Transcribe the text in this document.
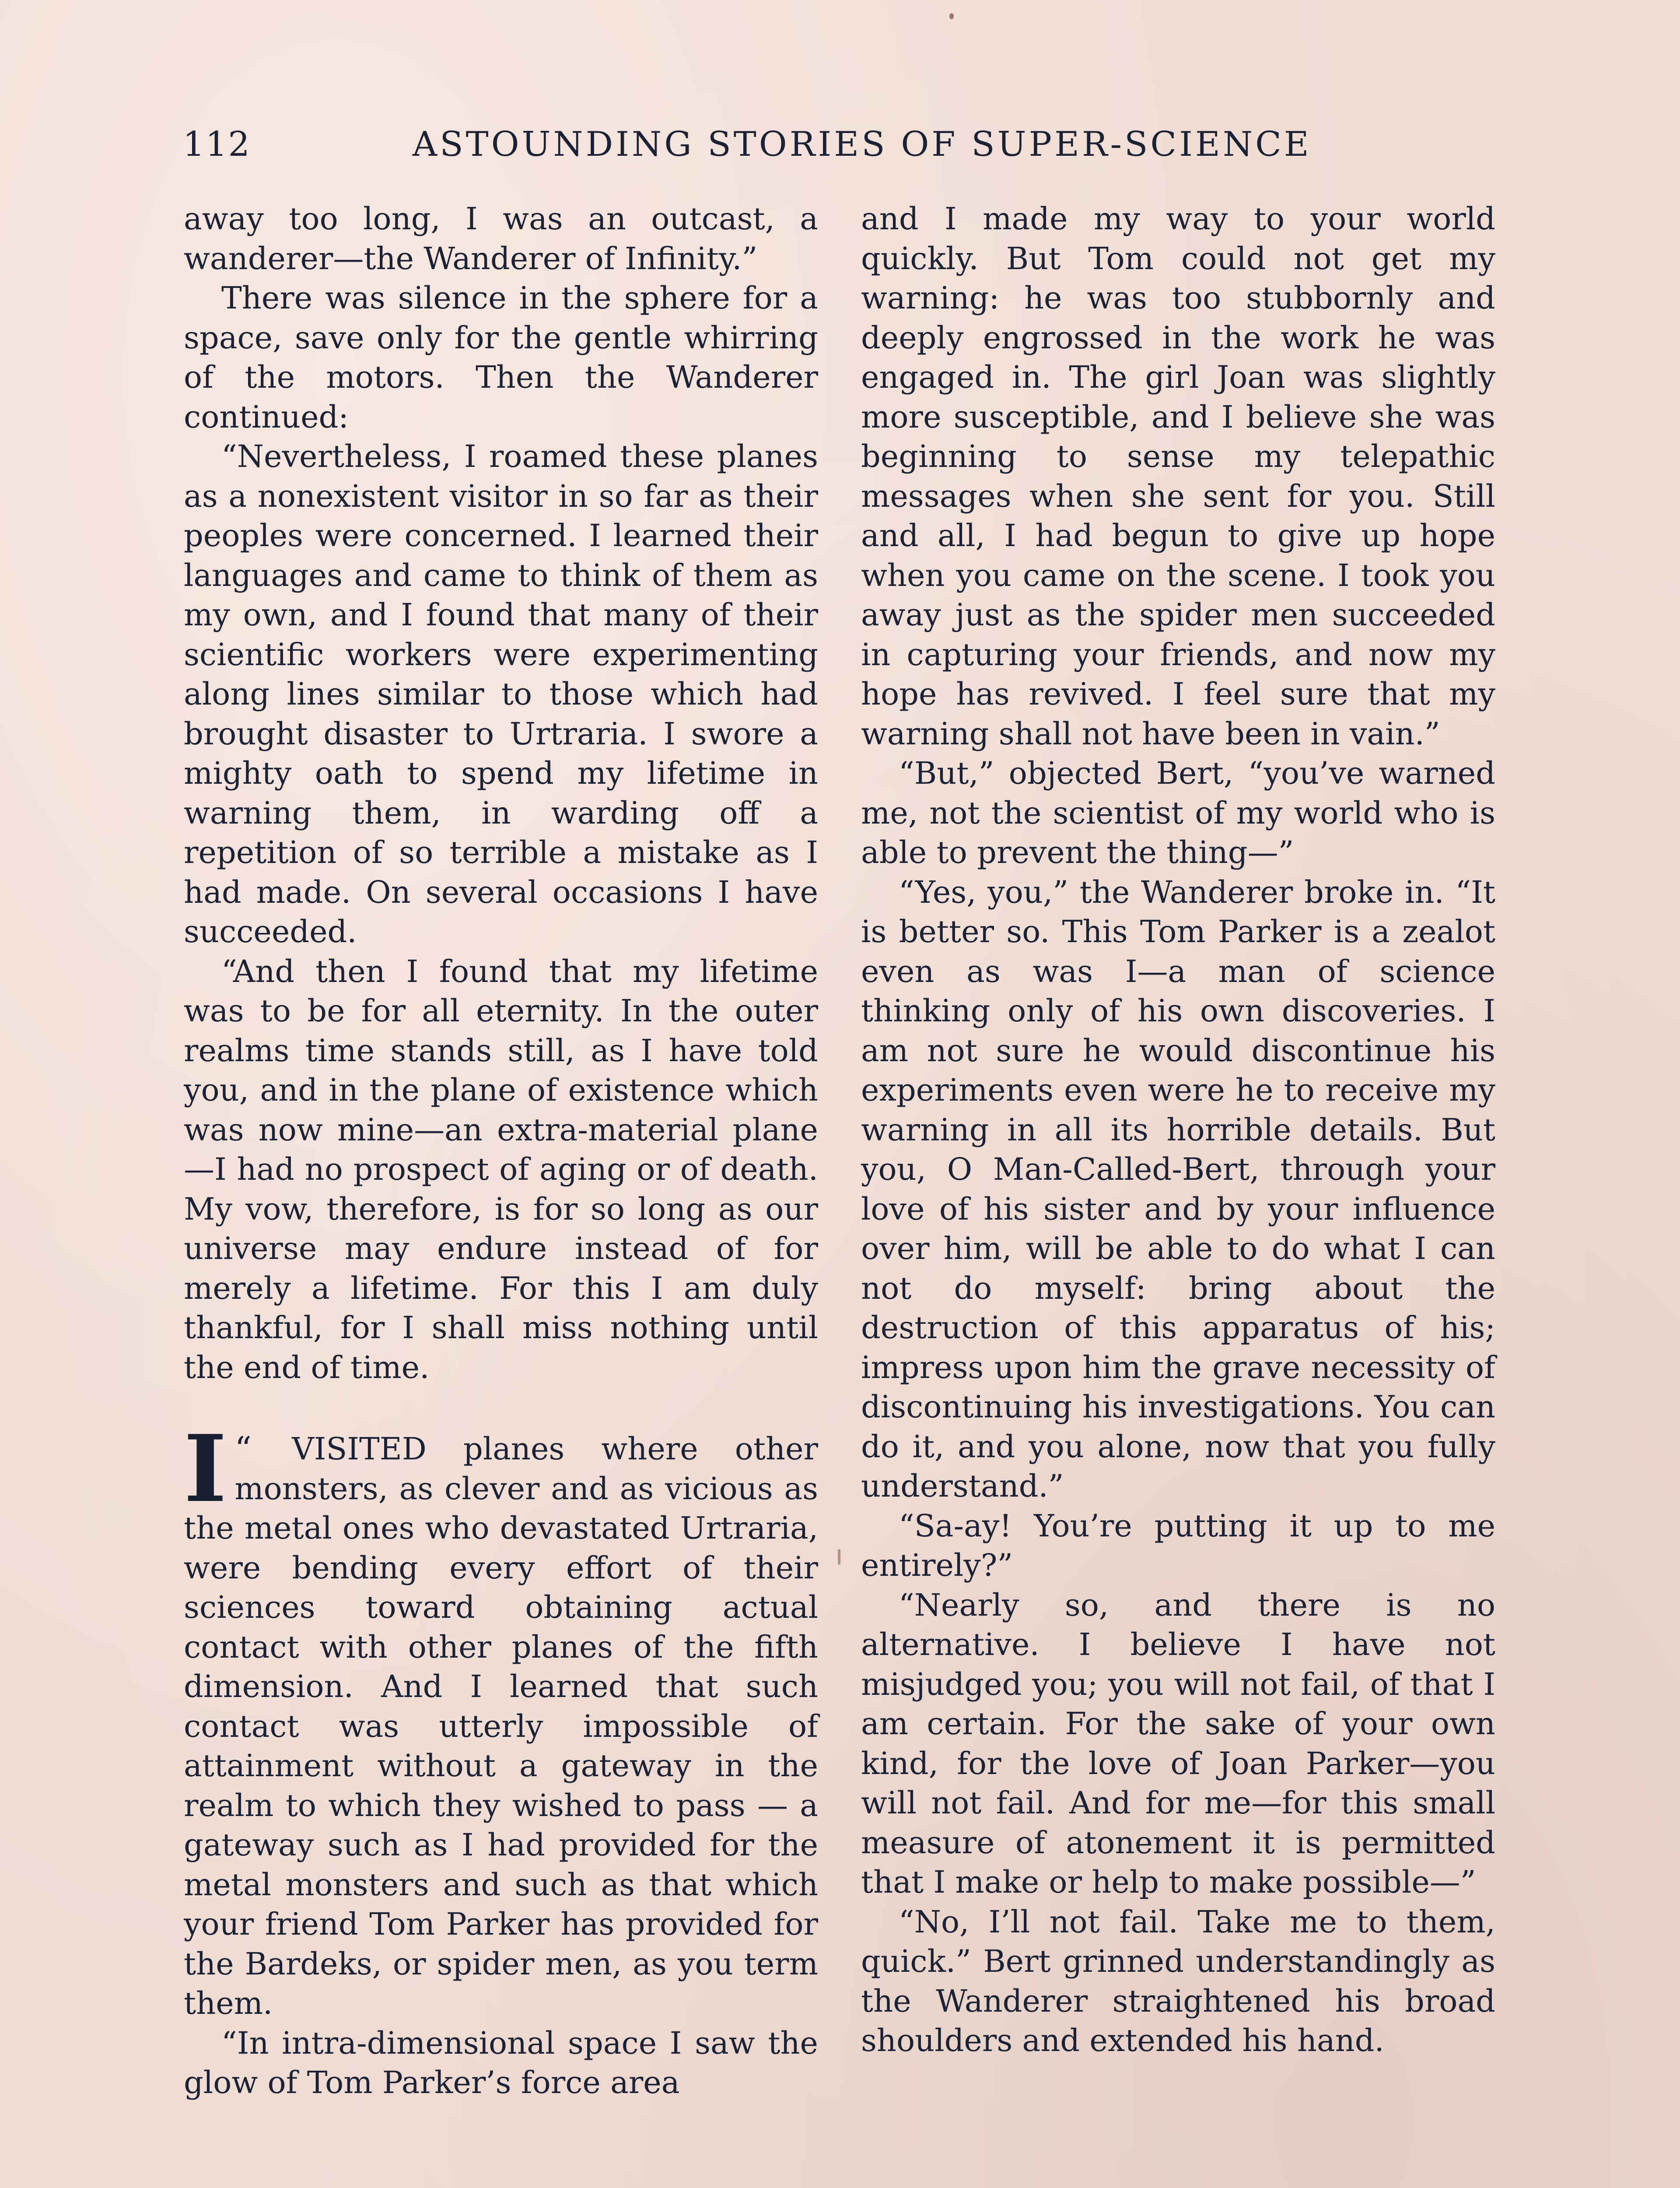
112	ASTOUNDING STORIES OF SUPER-SCIENCE

away too long, I was an outcast, a wanderer—the Wanderer of Infinity.”

There was silence in the sphere for a space, save only for the gentle whirring of the motors. Then the Wanderer continued:

“Nevertheless, I roamed these planes as a nonexistent visitor in so far as their peoples were concerned. I learned their languages and came to think of them as my own, and I found that many of their scientific workers were experimenting along lines similar to those which had brought disaster to Urtraria. I swore a mighty oath to spend my lifetime in warning them, in warding off a repetition of so terrible a mistake as I had made. On several occasions I have succeeded.

“And then I found that my lifetime was to be for all eternity. In the outer realms time stands still, as I have told you, and in the plane of existence which was now mine—an extra-material plane—I had no prospect of aging or of death. My vow, therefore, is for so long as our universe may endure instead of for merely a lifetime. For this I am duly thankful, for I shall miss nothing until the end of time.

“
I VISITED planes where other monsters, as clever and as vicious as the metal ones who devastated Urtraria, were bending every effort of their sciences toward obtaining actual contact with other planes of the fifth dimension. And I learned that such contact was utterly impossible of attainment without a gateway in the realm to which they wished to pass — a gateway such as I had provided for the metal monsters and such as that which your friend Tom Parker has provided for the Bardeks, or spider men, as you term them.

“In intra-dimensional space I saw the glow of Tom Parker’s force area

and I made my way to your world quickly. But Tom could not get my warning: he was too stubbornly and deeply engrossed in the work he was engaged in. The girl Joan was slightly more susceptible, and I believe she was beginning to sense my telepathic messages when she sent for you. Still and all, I had begun to give up hope when you came on the scene. I took you away just as the spider men succeeded in capturing your friends, and now my hope has revived. I feel sure that my warning shall not have been in vain.”

“But,” objected Bert, “you’ve warned me, not the scientist of my world who is able to prevent the thing—”

“Yes, you,” the Wanderer broke in. “It is better so. This Tom Parker is a zealot even as was I—a man of science thinking only of his own discoveries. I am not sure he would discontinue his experiments even were he to receive my warning in all its horrible details. But you, O Man-Called-Bert, through your love of his sister and by your influence over him, will be able to do what I can not do myself: bring about the destruction of this apparatus of his; impress upon him the grave necessity of discontinuing his investigations. You can do it, and you alone, now that you fully understand.”

“Sa-ay! You’re putting it up to me entirely?”

“Nearly so, and there is no alternative. I believe I have not misjudged you; you will not fail, of that I am certain. For the sake of your own kind, for the love of Joan Parker—you will not fail. And for me—for this small measure of atonement it is permitted that I make or help to make possible—”

“No, I’ll not fail. Take me to them, quick.” Bert grinned understandingly as the Wanderer straightened his broad shoulders and extended his hand.
